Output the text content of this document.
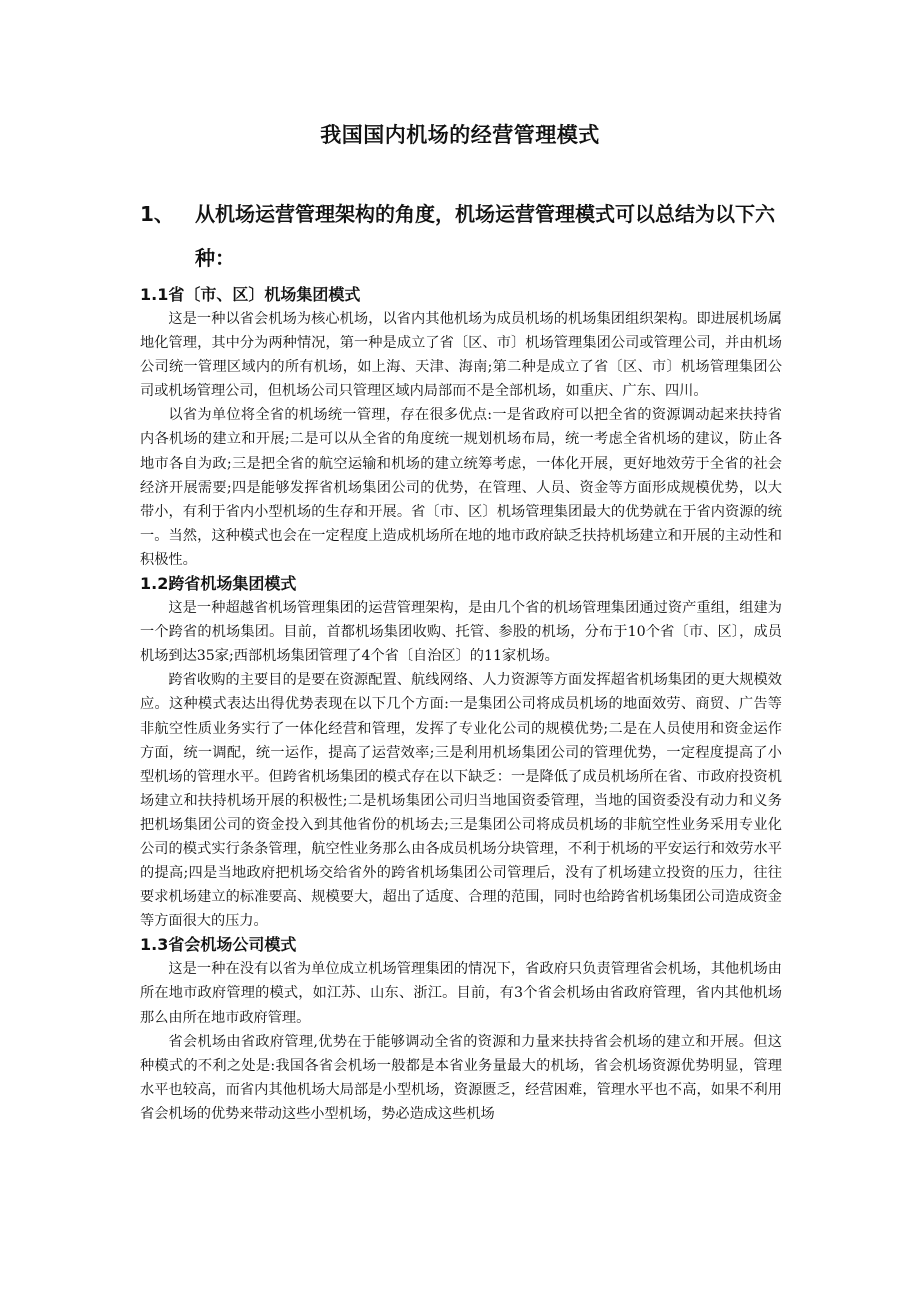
我国国内机场的经营管理模式
1、 从机场运营管理架构的角度，机场运营管理模式可以总结为以下六种：

1.1省〔市、区〕机场集团模式

这是一种以省会机场为核心机场，以省内其他机场为成员机场的机场集团组织架构。即进展机场属地化管理，其中分为两种情况，第一种是成立了省〔区、市〕机场管理集团公司或管理公司，并由机场公司统一管理区域内的所有机场，如上海、天津、海南;第二种是成立了省〔区、市〕机场管理集团公司或机场管理公司，但机场公司只管理区域内局部而不是全部机场，如重庆、广东、四川。

以省为单位将全省的机场统一管理，存在很多优点:一是省政府可以把全省的资源调动起来扶持省内各机场的建立和开展;二是可以从全省的角度统一规划机场布局，统一考虑全省机场的建议，防止各地市各自为政;三是把全省的航空运输和机场的建立统筹考虑，一体化开展，更好地效劳于全省的社会经济开展需要;四是能够发挥省机场集团公司的优势，在管理、人员、资金等方面形成规模优势，以大带小，有利于省内小型机场的生存和开展。省〔市、区〕机场管理集团最大的优势就在于省内资源的统一。当然，这种模式也会在一定程度上造成机场所在地的地市政府缺乏扶持机场建立和开展的主动性和积极性。

1.2跨省机场集团模式

这是一种超越省机场管理集团的运营管理架构，是由几个省的机场管理集团通过资产重组，组建为一个跨省的机场集团。目前，首都机场集团收购、托管、参股的机场，分布于10个省〔市、区〕，成员机场到达35家;西部机场集团管理了4个省〔自治区〕的11家机场。

跨省收购的主要目的是要在资源配置、航线网络、人力资源等方面发挥超省机场集团的更大规模效应。这种模式表达出得优势表现在以下几个方面:一是集团公司将成员机场的地面效劳、商贸、广告等非航空性质业务实行了一体化经营和管理，发挥了专业化公司的规模优势;二是在人员使用和资金运作方面，统一调配，统一运作，提高了运营效率;三是利用机场集团公司的管理优势，一定程度提高了小型机场的管理水平。但跨省机场集团的模式存在以下缺乏：一是降低了成员机场所在省、市政府投资机场建立和扶持机场开展的积极性;二是机场集团公司归当地国资委管理，当地的国资委没有动力和义务把机场集团公司的资金投入到其他省份的机场去;三是集团公司将成员机场的非航空性业务采用专业化公司的模式实行条条管理，航空性业务那么由各成员机场分块管理，不利于机场的平安运行和效劳水平的提高;四是当地政府把机场交给省外的跨省机场集团公司管理后，没有了机场建立投资的压力，往往要求机场建立的标准要高、规模要大，超出了适度、合理的范围，同时也给跨省机场集团公司造成资金等方面很大的压力。

1.3省会机场公司模式

这是一种在没有以省为单位成立机场管理集团的情况下，省政府只负责管理省会机场，其他机场由所在地市政府管理的模式，如江苏、山东、浙江。目前，有3个省会机场由省政府管理，省内其他机场那么由所在地市政府管理。

省会机场由省政府管理,优势在于能够调动全省的资源和力量来扶持省会机场的建立和开展。但这种模式的不利之处是:我国各省会机场一般都是本省业务量最大的机场，省会机场资源优势明显，管理水平也较高，而省内其他机场大局部是小型机场，资源匮乏，经营困难，管理水平也不高，如果不利用省会机场的优势来带动这些小型机场，势必造成这些机场
